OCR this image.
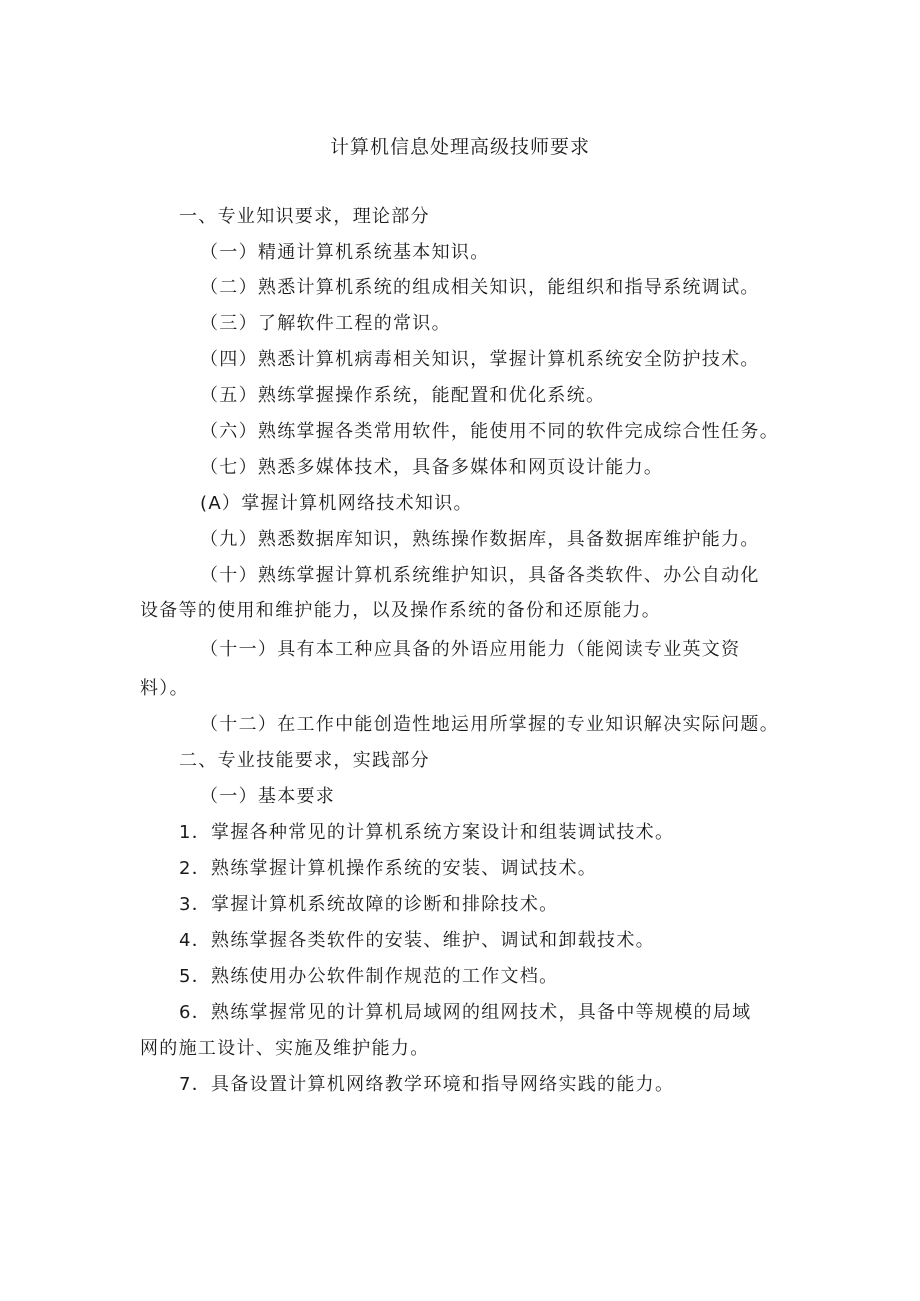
计算机信息处理高级技师要求
一、专业知识要求，理论部分
（一）精通计算机系统基本知识。
（二）熟悉计算机系统的组成相关知识，能组织和指导系统调试。
（三）了解软件工程的常识。
（四）熟悉计算机病毒相关知识，掌握计算机系统安全防护技术。
（五）熟练掌握操作系统，能配置和优化系统。
（六）熟练掌握各类常用软件，能使用不同的软件完成综合性任务。
（七）熟悉多媒体技术，具备多媒体和网页设计能力。
(A）掌握计算机网络技术知识。
（九）熟悉数据库知识，熟练操作数据库，具备数据库维护能力。
（十）熟练掌握计算机系统维护知识，具备各类软件、办公自动化
设备等的使用和维护能力，以及操作系统的备份和还原能力。
（十一）具有本工种应具备的外语应用能力（能阅读专业英文资
料）。
（十二）在工作中能创造性地运用所掌握的专业知识解决实际问题。
二、专业技能要求，实践部分
（一）基本要求
1．掌握各种常见的计算机系统方案设计和组装调试技术。
2．熟练掌握计算机操作系统的安装、调试技术。
3．掌握计算机系统故障的诊断和排除技术。
4．熟练掌握各类软件的安装、维护、调试和卸载技术。
5．熟练使用办公软件制作规范的工作文档。
6．熟练掌握常见的计算机局域网的组网技术，具备中等规模的局域
网的施工设计、实施及维护能力。
7．具备设置计算机网络教学环境和指导网络实践的能力。
